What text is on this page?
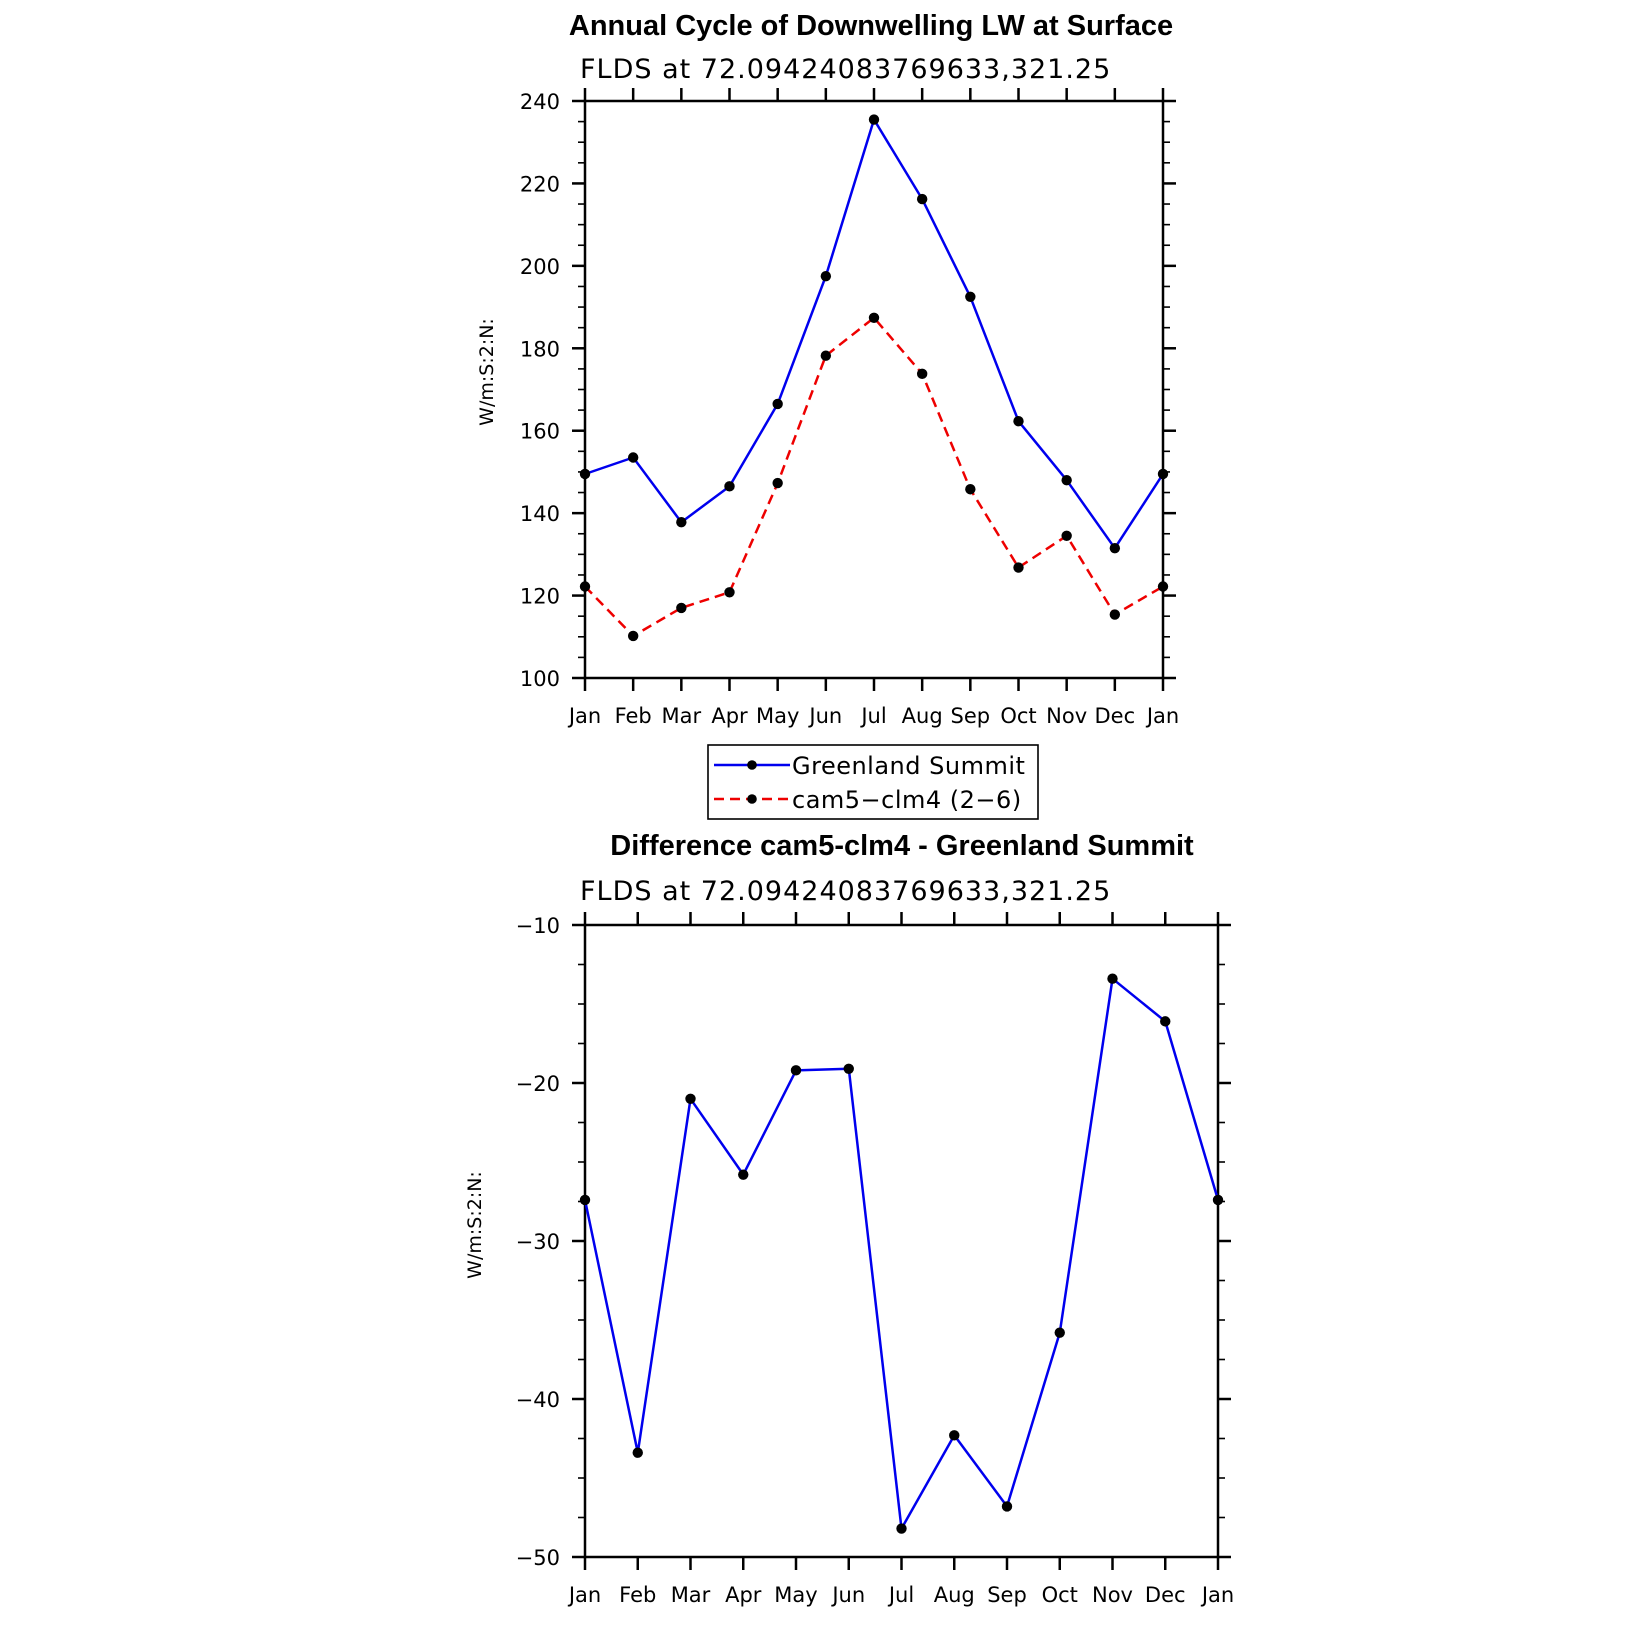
Annual Cycle of Downwelling LW at Surface
FLDS at 72.09424083769633,321.25
W/m:S:2:N:
Jan Feb Mar Apr May Jun Jul Aug Sep Oct Nov Dec Jan
100
120
140
160
180
200
220
240
Greenland Summit
cam5−clm4 (2−6)
Difference cam5-clm4 - Greenland Summit
FLDS at 72.09424083769633,321.25
W/m:S:2:N:
Jan Feb Mar Apr May Jun Jul Aug Sep Oct Nov Dec Jan
−50
−40
−30
−20
−10
